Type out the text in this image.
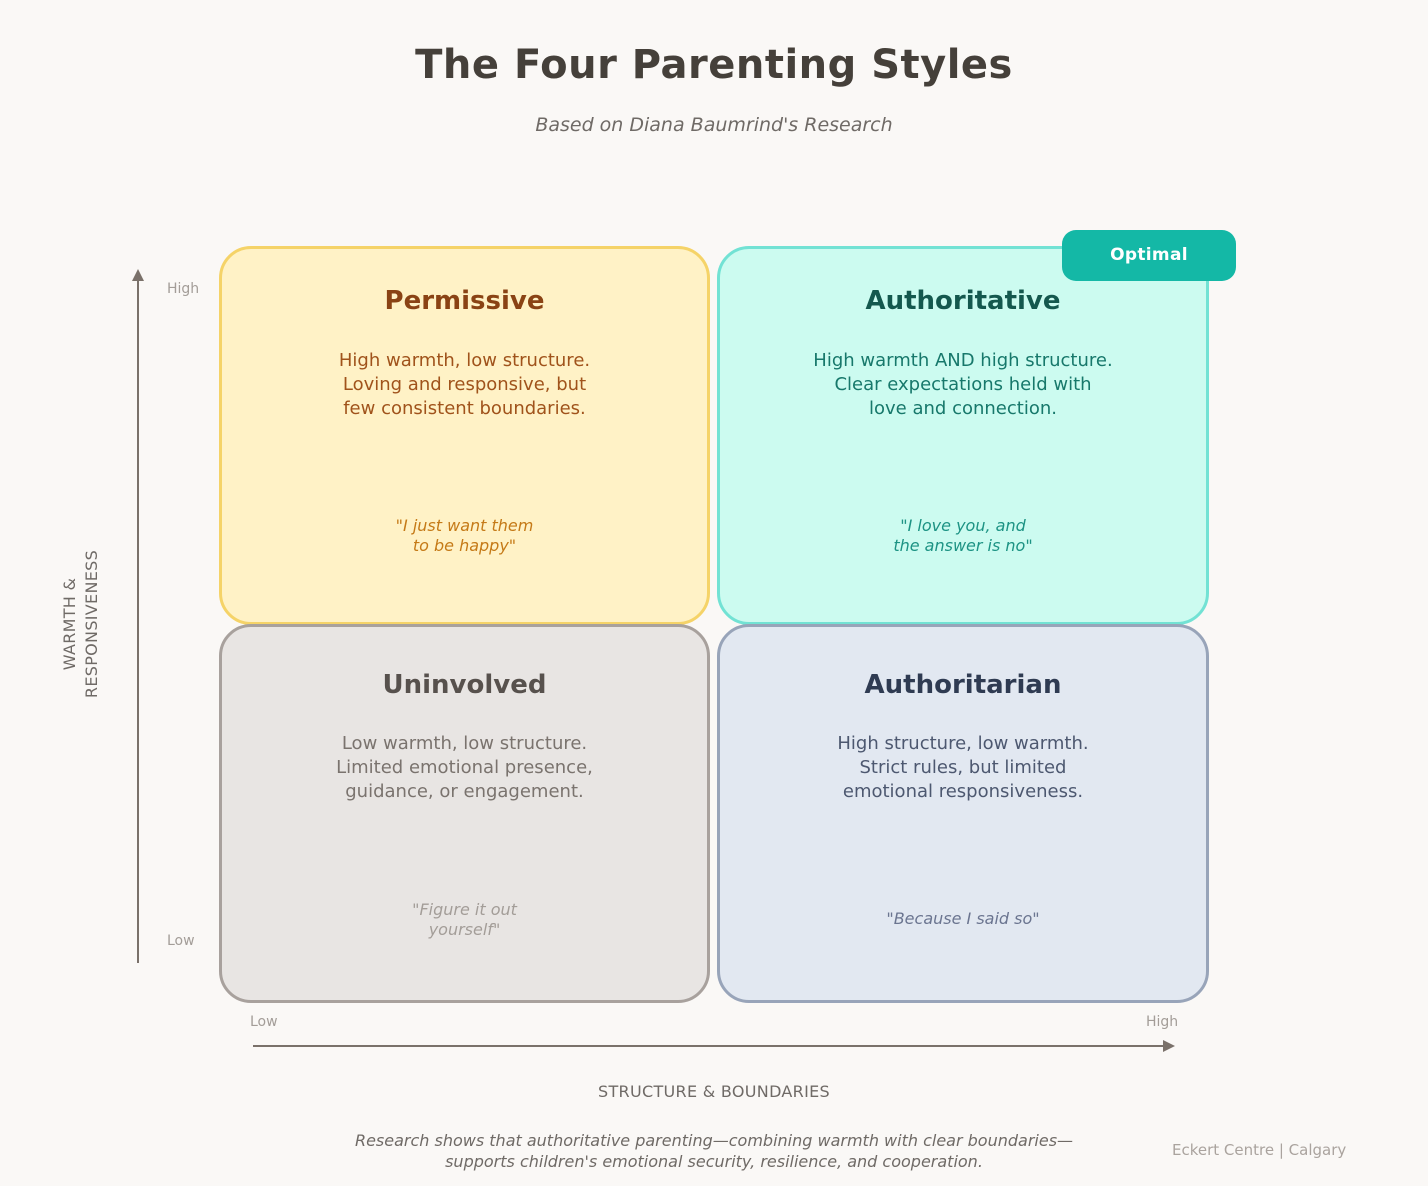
The Four Parenting Styles
Based on Diana Baumrind's Research
High
Low
WARMTH & RESPONSIVENESS
Permissive
High warmth, low structure.
Loving and responsive, but
few consistent boundaries.
"I just want them
to be happy"
Authoritative
High warmth AND high structure.
Clear expectations held with
love and connection.
"I love you, and
the answer is no"
Uninvolved
Low warmth, low structure.
Limited emotional presence,
guidance, or engagement.
"Figure it out
yourself"
Authoritarian
High structure, low warmth.
Strict rules, but limited
emotional responsiveness.
"Because I said so"
Optimal
Low	High
STRUCTURE & BOUNDARIES
Research shows that authoritative parenting—combining warmth with clear boundaries—
supports children's emotional security, resilience, and cooperation.
Eckert Centre | Calgary
